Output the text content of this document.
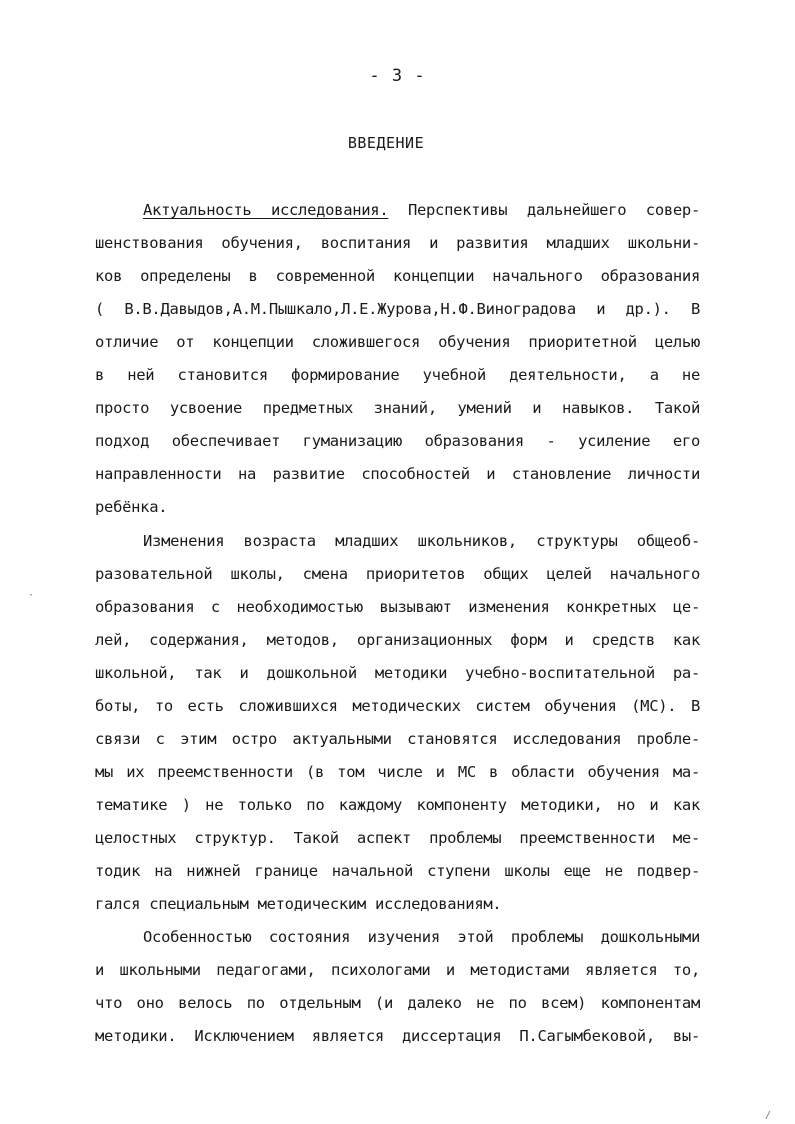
- 3 -
ВВЕДЕНИЕ
Актуальность исследования. Перспективы дальнейшего совер-
шенствования обучения, воспитания и развития младших школьни-
ков определены в современной концепции начального образования
( В.В.Давыдов,А.М.Пышкало,Л.Е.Журова,Н.Ф.Виноградова и др.). В
отличие от концепции сложившегося обучения приоритетной целью
в ней становится формирование учебной деятельности, а не
просто усвоение предметных знаний, умений и навыков. Такой
подход обеспечивает гуманизацию образования - усиление его
направленности на развитие способностей и становление личности
ребёнка.
Изменения возраста младших школьников, структуры общеоб-
разовательной школы, смена приоритетов общих целей начального
образования с необходимостью вызывают изменения конкретных це-
лей, содержания, методов, организационных форм и средств как
школьной, так и дошкольной методики учебно-воспитательной ра-
боты, то есть сложившихся методических систем обучения (МС). В
связи с этим остро актуальными становятся исследования пробле-
мы их преемственности (в том числе и МС в области обучения ма-
тематике ) не только по каждому компоненту методики, но и как
целостных структур. Такой аспект проблемы преемственности ме-
тодик на нижней границе начальной ступени школы еще не подвер-
гался специальным методическим исследованиям.
Особенностью состояния изучения этой проблемы дошкольными
и школьными педагогами, психологами и методистами является то,
что оно велось по отдельным (и далеко не по всем) компонентам
методики. Исключением является диссертация П.Сагымбековой, вы-
·
/
